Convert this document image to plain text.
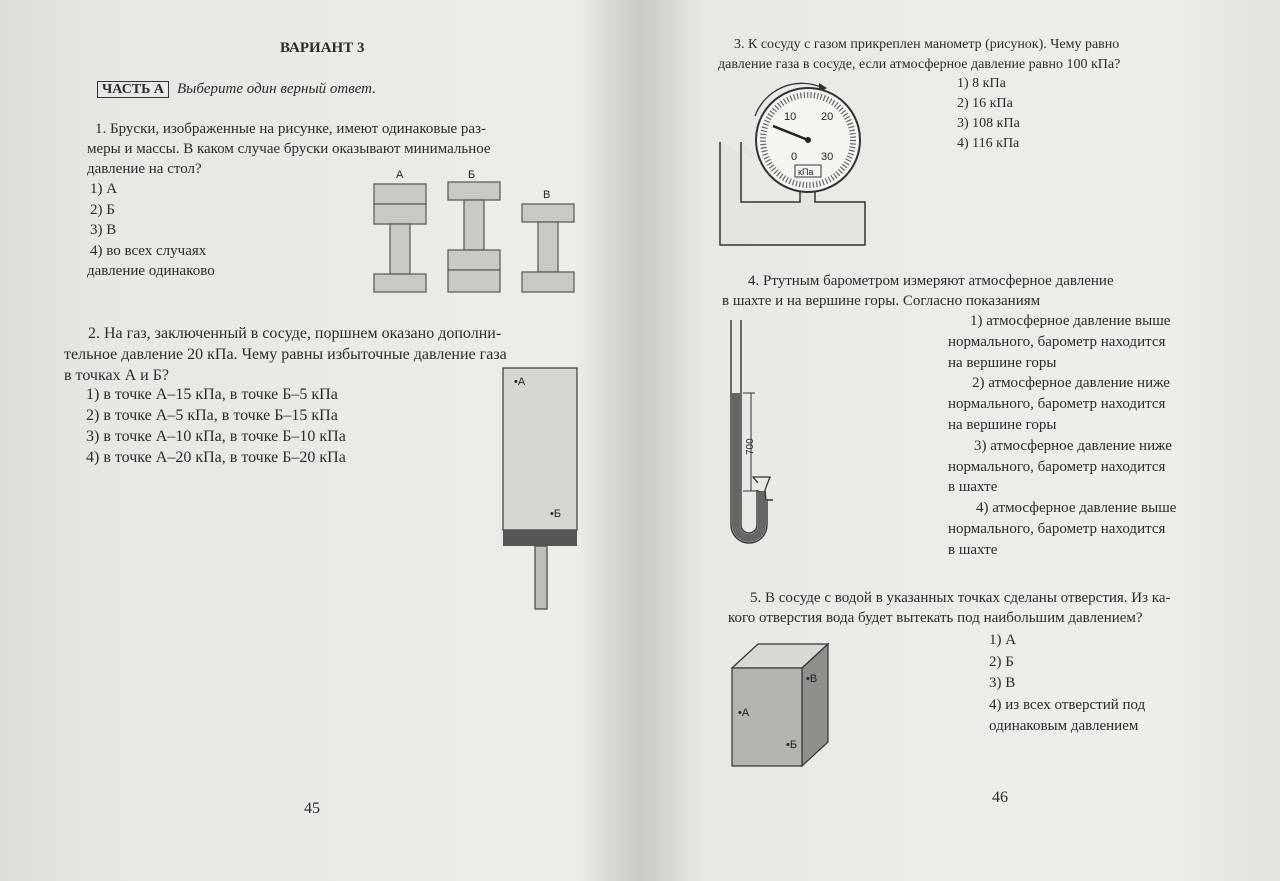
ВАРИАНТ 3
ЧАСТЬ А Выберите один верный ответ.
1. Бруски, изображенные на рисунке, имеют одинаковые раз-
меры и массы. В каком случае бруски оказывают минимальное
давление на стол?
1) А
2) Б
3) В
4) во всех случаях
давление одинаково
А	Б
В
2. На газ, заключенный в сосуде, поршнем оказано дополни-
тельное давление 20 кПа. Чему равны избыточные давление газа
в точках А и Б?
1) в точке А–15 кПа, в точке Б–5 кПа
2) в точке А–5 кПа, в точке Б–15 кПа
3) в точке А–10 кПа, в точке Б–10 кПа
4) в точке А–20 кПа, в точке Б–20 кПа
•А
•Б
45
3. К сосуду с газом прикреплен манометр (рисунок). Чему равно
давление газа в сосуде, если атмосферное давление равно 100 кПа?
1) 8 кПа
2) 16 кПа
3) 108 кПа
4) 116 кПа
10 20
0 30
кПа
4. Ртутным барометром измеряют атмосферное давление
в шахте и на вершине горы. Согласно показаниям
1) атмосферное давление выше
нормального, барометр находится
на вершине горы
2) атмосферное давление ниже
нормального, барометр находится
на вершине горы
3) атмосферное давление ниже
нормального, барометр находится
в шахте
4) атмосферное давление выше
нормального, барометр находится
в шахте
700
5. В сосуде с водой в указанных точках сделаны отверстия. Из ка-
кого отверстия вода будет вытекать под наибольшим давлением?
1) А
2) Б
3) В
4) из всех отверстий под
одинаковым давлением
•В
•А
•Б
46
